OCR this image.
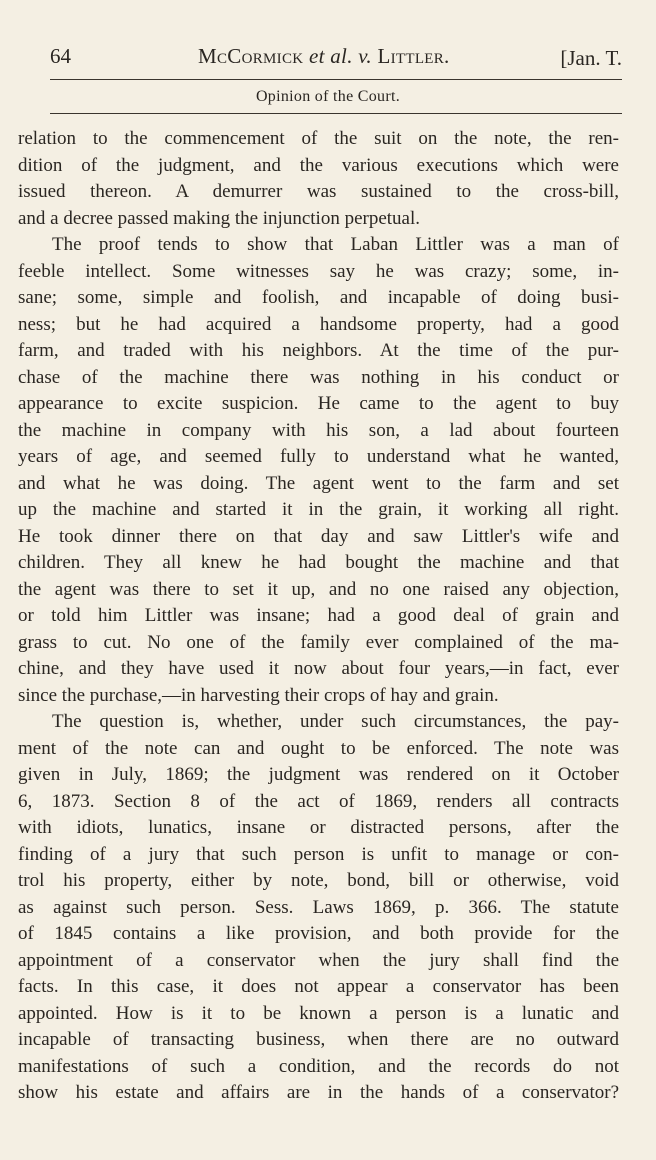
64	McCormick et al. v. Littler.	[Jan. T.
Opinion of the Court.
relation to the commencement of the suit on the note, the ren-
dition of the judgment, and the various executions which were
issued thereon. A demurrer was sustained to the cross-bill,
and a decree passed making the injunction perpetual.
The proof tends to show that Laban Littler was a man of
feeble intellect. Some witnesses say he was crazy; some, in-
sane; some, simple and foolish, and incapable of doing busi-
ness; but he had acquired a handsome property, had a good
farm, and traded with his neighbors. At the time of the pur-
chase of the machine there was nothing in his conduct or
appearance to excite suspicion. He came to the agent to buy
the machine in company with his son, a lad about fourteen
years of age, and seemed fully to understand what he wanted,
and what he was doing. The agent went to the farm and set
up the machine and started it in the grain, it working all right.
He took dinner there on that day and saw Littler's wife and
children. They all knew he had bought the machine and that
the agent was there to set it up, and no one raised any objection,
or told him Littler was insane; had a good deal of grain and
grass to cut. No one of the family ever complained of the ma-
chine, and they have used it now about four years,—in fact, ever
since the purchase,—in harvesting their crops of hay and grain.
The question is, whether, under such circumstances, the pay-
ment of the note can and ought to be enforced. The note was
given in July, 1869; the judgment was rendered on it October
6, 1873. Section 8 of the act of 1869, renders all contracts
with idiots, lunatics, insane or distracted persons, after the
finding of a jury that such person is unfit to manage or con-
trol his property, either by note, bond, bill or otherwise, void
as against such person. Sess. Laws 1869, p. 366. The statute
of 1845 contains a like provision, and both provide for the
appointment of a conservator when the jury shall find the
facts. In this case, it does not appear a conservator has been
appointed. How is it to be known a person is a lunatic and
incapable of transacting business, when there are no outward
manifestations of such a condition, and the records do not
show his estate and affairs are in the hands of a conservator?
